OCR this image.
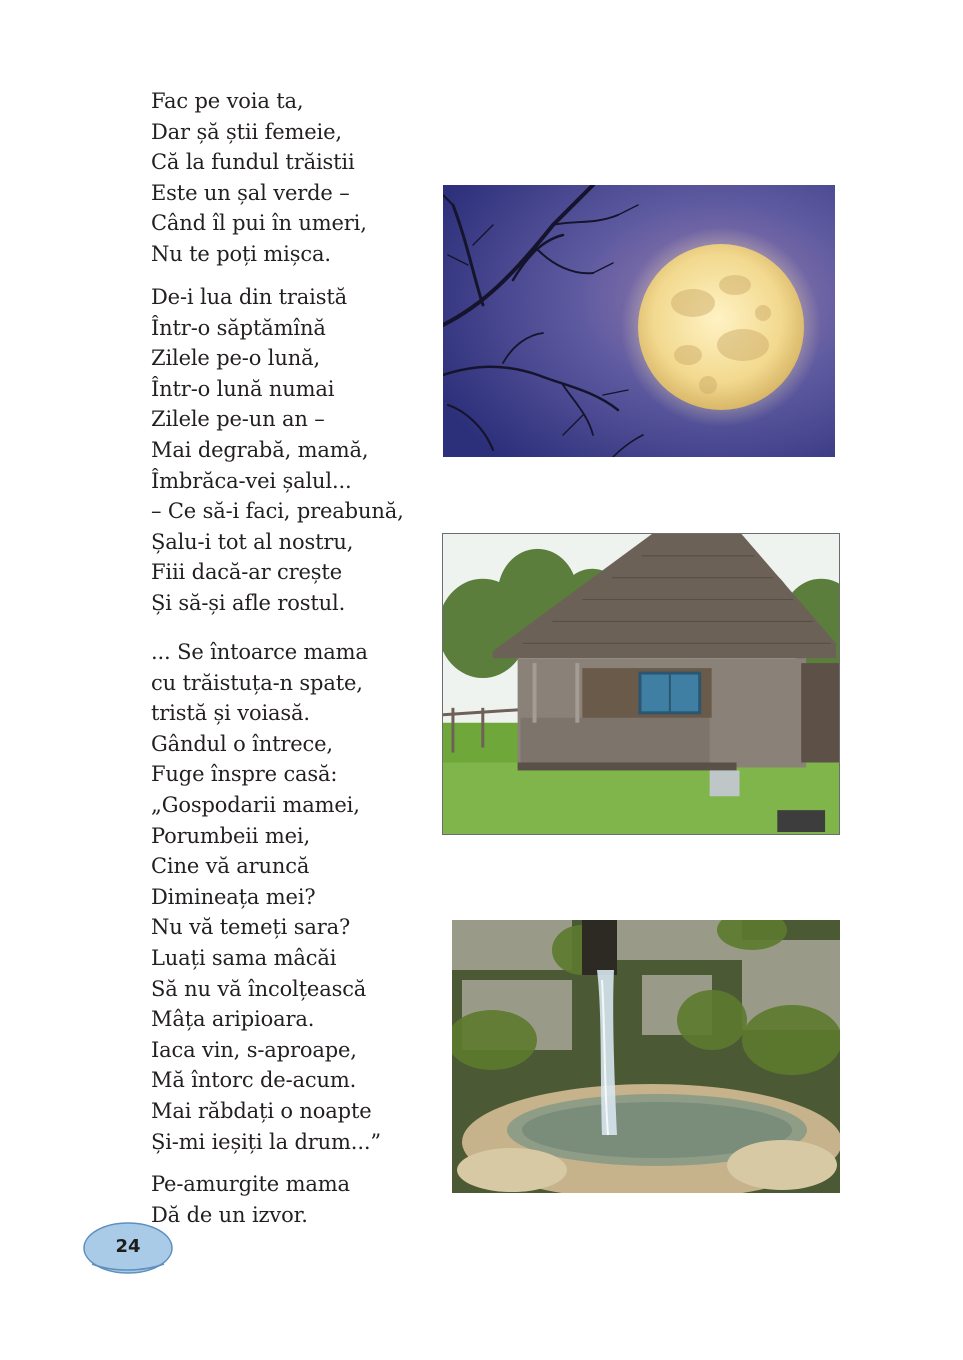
Fac pe voia ta,
Dar șă știi femeie,
Că la fundul trăistii
Este un șal verde –
Când îl pui în umeri,
Nu te poți mișca.
De-i lua din traistă
Într-o săptămînă
Zilele pe-o lună,
Într-o lună numai
Zilele pe-un an –
Mai degrabă, mamă,
Îmbrăca-vei șalul...
– Ce să-i faci, preabună,
Șalu-i tot al nostru,
Fiii dacă-ar crește
Și să-și afle rostul.
... Se întoarce mama
cu trăistuța-n spate,
tristă și voiasă.
Gândul o întrece,
Fuge înspre casă:
„Gospodarii mamei,
Porumbeii mei,
Cine vă aruncă
Dimineața mei?
Nu vă temeți sara?
Luați sama mâcăi
Să nu vă încolțească
Mâța aripioara.
Iaca vin, s-aproape,
Mă întorc de-acum.
Mai răbdați o noapte
Și-mi ieșiți la drum...”
Pe-amurgite mama
Dă de un izvor.
24
